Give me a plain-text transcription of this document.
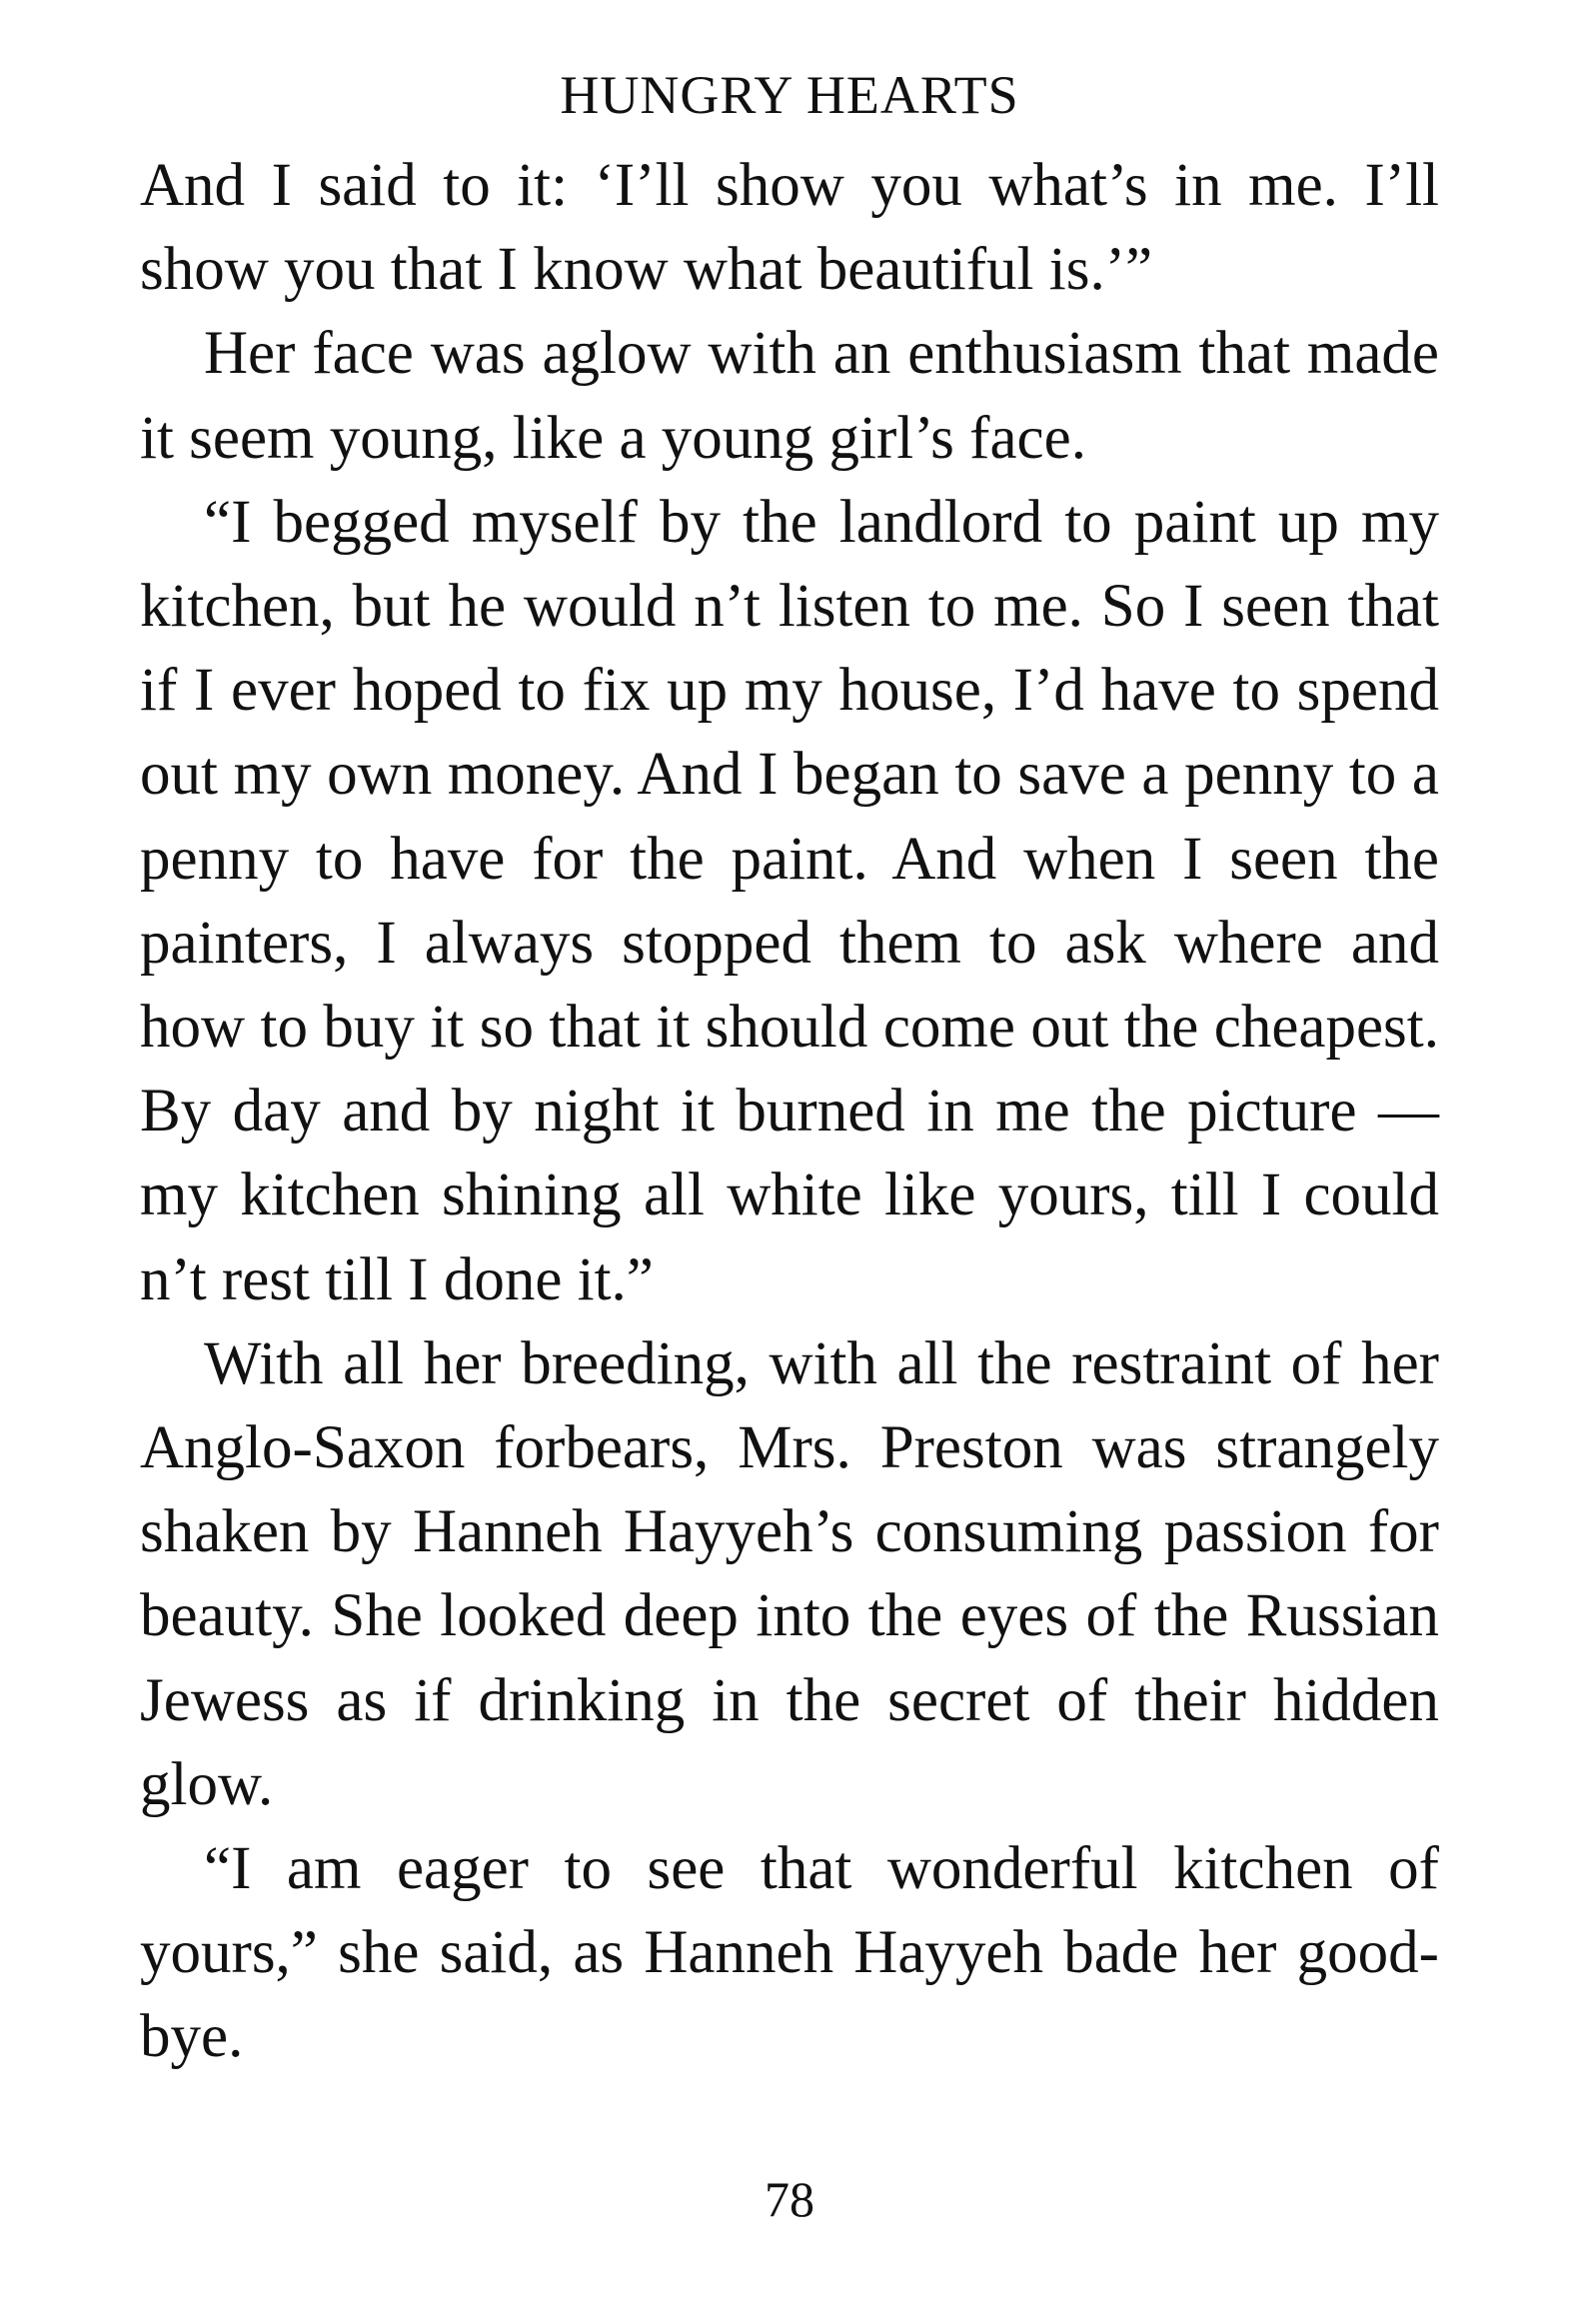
HUNGRY HEARTS

And I said to it: ‘I’ll show you what’s in me. I’ll show you that I know what beautiful is.’”

Her face was aglow with an enthusiasm that made it seem young, like a young girl’s face.

“I begged myself by the landlord to paint up my kitchen, but he would n’t listen to me. So I seen that if I ever hoped to fix up my house, I’d have to spend out my own money. And I began to save a penny to a penny to have for the paint. And when I seen the painters, I always stopped them to ask where and how to buy it so that it should come out the cheapest. By day and by night it burned in me the picture — my kitchen shining all white like yours, till I could n’t rest till I done it.”

With all her breeding, with all the restraint of her Anglo-Saxon forbears, Mrs. Preston was strangely shaken by Hanneh Hayyeh’s consuming passion for beauty. She looked deep into the eyes of the Russian Jewess as if drinking in the secret of their hidden glow.

“I am eager to see that wonderful kitchen of yours,” she said, as Hanneh Hayyeh bade her good-bye.

78
